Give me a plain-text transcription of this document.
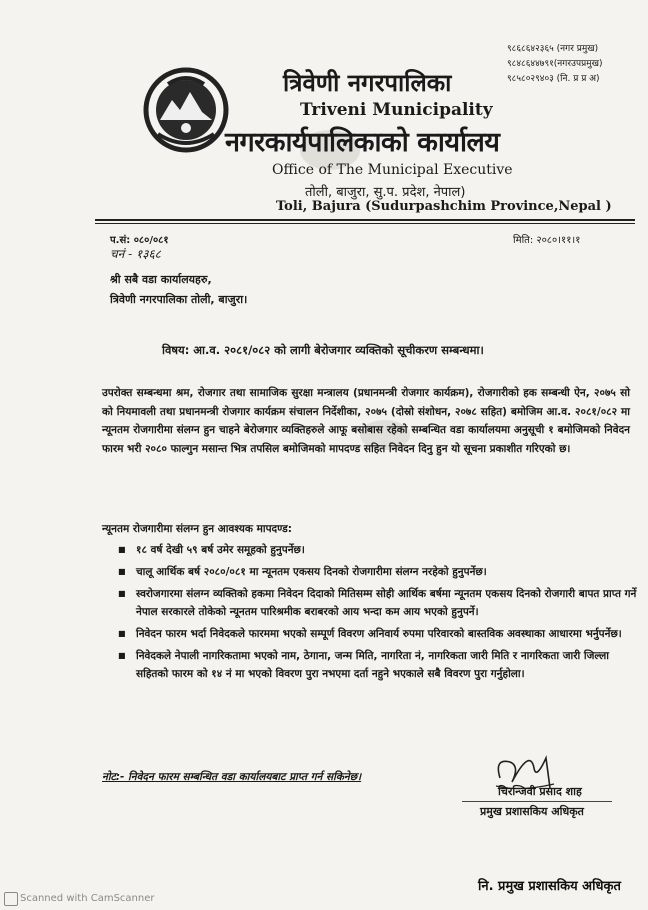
त्रिवेणी नगरपालिका
Triveni Municipality
नगरकार्यपालिकाको कार्यालय
Office of The Municipal Executive
तोली, बाजुरा, सु.प. प्रदेश, नेपाल)
Toli, Bajura (Sudurpashchim Province,Nepal )
९८६८६४२३६५ (नगर प्रमुख)
९८४८६४४७९१(नगरउपप्रमुख)
९८५८०२९४०३ (नि. प्र प्र अ)
प.सं: ०८०/०८१
चनं - १३६८
मिति: २०८०।११।१
श्री सबै वडा कार्यालयहरु,
त्रिवेणी नगरपालिका तोली, बाजुरा।
विषय: आ.व. २०८१/०८२ को लागी बेरोजगार व्यक्तिको सूचीकरण सम्बन्धमा।
उपरोक्त सम्बन्धमा श्रम, रोजगार तथा सामाजिक सुरक्षा मन्त्रालय (प्रधानमन्त्री रोजगार कार्यक्रम), रोजगारीको हक सम्बन्धी ऐन, २०७५ सो को नियमावली तथा प्रधानमन्त्री रोजगार कार्यक्रम संचालन निर्देशीका, २०७५ (दोस्रो संशोधन, २०७८ सहित) बमोजिम आ.व. २०८१/०८२ मा न्यूनतम रोजगारीमा संलग्न हुन चाहने बेरोजगार व्यक्तिहरुले आफू बसोबास रहेको सम्बन्धित वडा कार्यालयमा अनुसूची १ बमोजिमको निवेदन फारम भरी २०८० फाल्गुन मसान्त भित्र तपसिल बमोजिमको मापदण्ड सहित निवेदन दिनु हुन यो सूचना प्रकाशीत गरिएको छ।
न्यूनतम रोजगारीमा संलग्न हुन आवश्यक मापदण्ड:
■ १८ वर्ष देखी ५९ बर्ष उमेर समूहको हुनुपर्नेछ।
■ चालू आर्थिक बर्ष २०८०/०८१ मा न्यूनतम एकसय दिनको रोजगारीमा संलग्न नरहेको हुनुपर्नेछ।
■ स्वरोजगारमा संलग्न व्यक्तिको हकमा निवेदन दिदाको मितिसम्म सोही आर्थिक बर्षमा न्यूनतम एकसय दिनको रोजगारी बापत प्राप्त गर्ने नेपाल सरकारले तोकेको न्यूनतम पारिश्रमीक बराबरको आय भन्दा कम आय भएको हुनुपर्ने।
■ निवेदन फारम भर्दा निवेदकले फारममा भएको सम्पूर्ण विवरण अनिवार्य रुपमा परिवारको बास्तविक अवस्थाका आधारमा भर्नुपर्नेछ।
■ निवेदकले नेपाली नागरिकतामा भएको नाम, ठेगाना, जन्म मिति, नागरिता नं, नागरिकता जारी मिति र नागरिकता जारी जिल्ला सहितको फारम को १४ नं मा भएको विवरण पुरा नभएमा दर्ता नहुने भएकाले सबै विवरण पुरा गर्नुहोला।
नोट:- निवेदन फारम सम्बन्धित वडा कार्यालयबाट प्राप्त गर्न सकिनेछ।
चिरन्जिवी प्रसाद शाह
प्रमुख प्रशासकिय अधिकृत
नि. प्रमुख प्रशासकिय अधिकृत
Scanned with CamScanner
